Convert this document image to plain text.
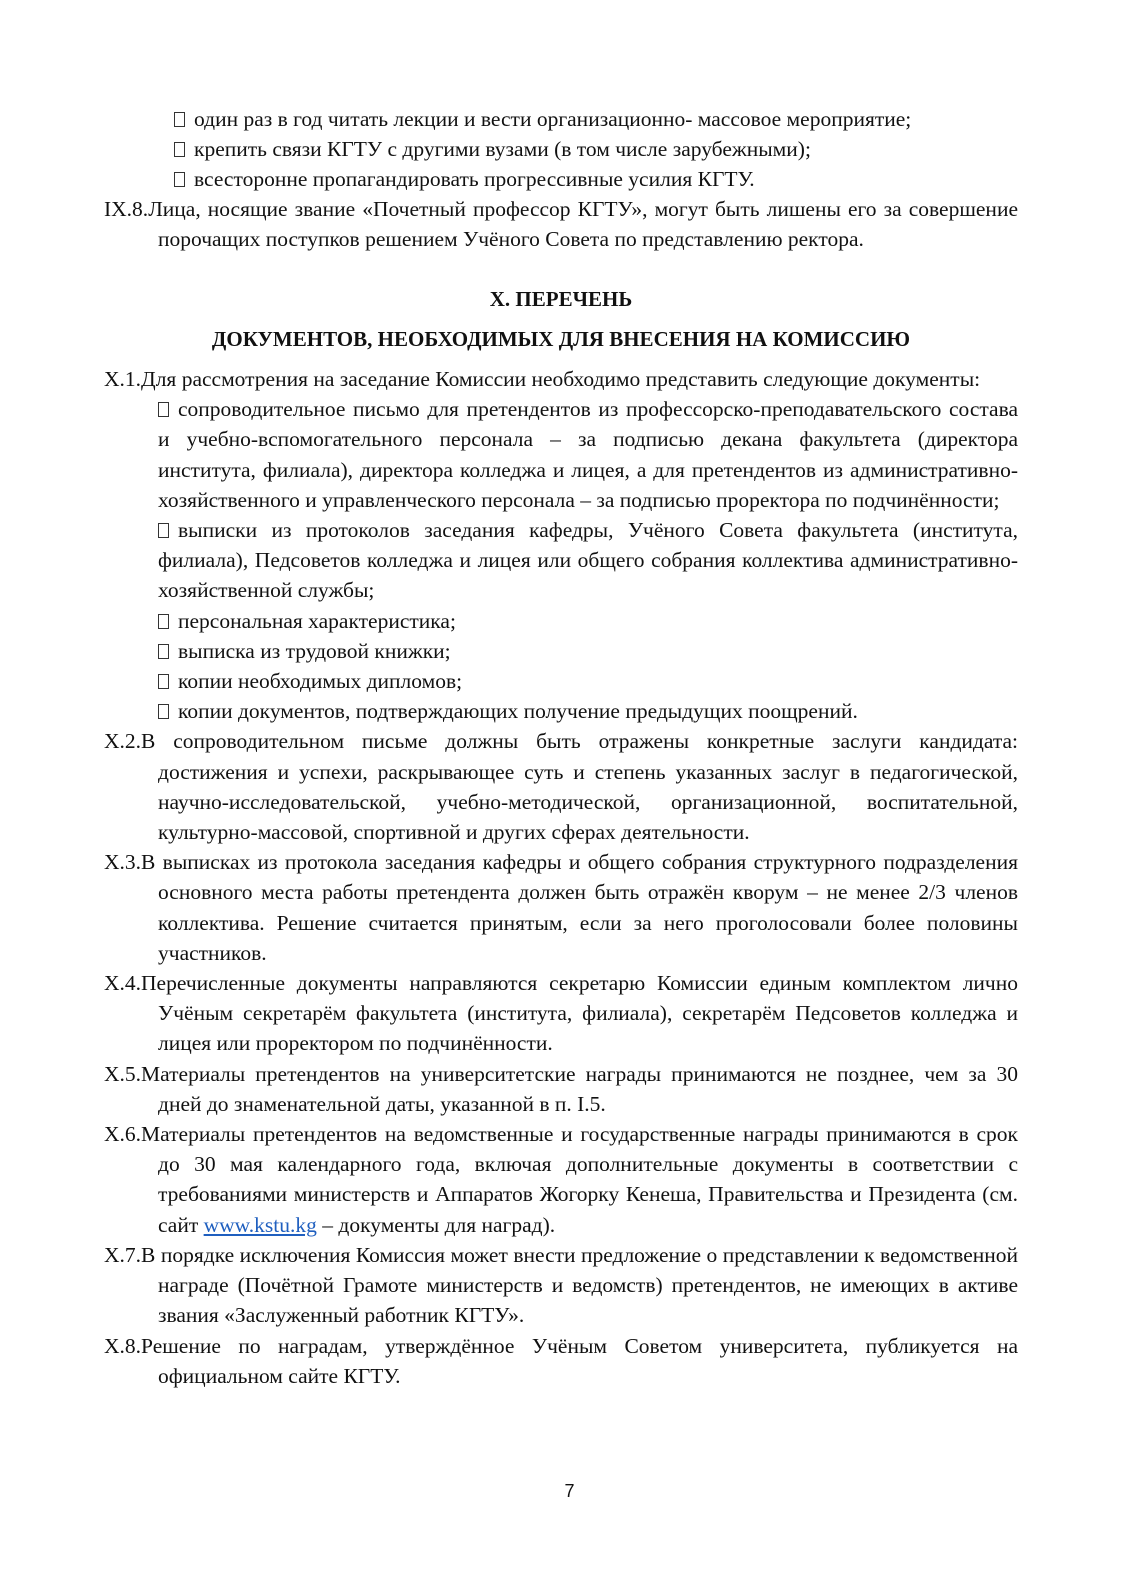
один раз в год читать лекции и вести организационно- массовое мероприятие;
крепить связи КГТУ с другими вузами (в том числе зарубежными);
всесторонне пропагандировать прогрессивные усилия КГТУ.
IX.8.Лица, носящие звание «Почетный профессор КГТУ», могут быть лишены его за совершение порочащих поступков решением Учёного Совета по представлению ректора.
X. ПЕРЕЧЕНЬ
ДОКУМЕНТОВ, НЕОБХОДИМЫХ ДЛЯ ВНЕСЕНИЯ НА КОМИССИЮ
X.1.Для рассмотрения на заседание Комиссии необходимо представить следующие документы:
сопроводительное письмо для претендентов из профессорско-преподавательского состава и учебно-вспомогательного персонала – за подписью декана факультета (директора института, филиала), директора колледжа и лицея, а для претендентов из административно-хозяйственного и управленческого персонала – за подписью проректора по подчинённости;
выписки из протоколов заседания кафедры, Учёного Совета факультета (института, филиала), Педсоветов колледжа и лицея или общего собрания коллектива административно-хозяйственной службы;
персональная характеристика;
выписка из трудовой книжки;
копии необходимых дипломов;
копии документов, подтверждающих получение предыдущих поощрений.
X.2.В сопроводительном письме должны быть отражены конкретные заслуги кандидата: достижения и успехи, раскрывающее суть и степень указанных заслуг в педагогической, научно-исследовательской, учебно-методической, организационной, воспитательной, культурно-массовой, спортивной и других сферах деятельности.
X.3.В выписках из протокола заседания кафедры и общего собрания структурного подразделения основного места работы претендента должен быть отражён кворум – не менее 2/3 членов коллектива. Решение считается принятым, если за него проголосовали более половины участников.
X.4.Перечисленные документы направляются секретарю Комиссии единым комплектом лично Учёным секретарём факультета (института, филиала), секретарём Педсоветов колледжа и лицея или проректором по подчинённости.
X.5.Материалы претендентов на университетские награды принимаются не позднее, чем за 30 дней до знаменательной даты, указанной в п. I.5.
X.6.Материалы претендентов на ведомственные и государственные награды принимаются в срок до 30 мая календарного года, включая дополнительные документы в соответствии с требованиями министерств и Аппаратов Жогорку Кенеша, Правительства и Президента (см. сайт www.kstu.kg – документы для наград).
X.7.В порядке исключения Комиссия может внести предложение о представлении к ведомственной награде (Почётной Грамоте министерств и ведомств) претендентов, не имеющих в активе звания «Заслуженный работник КГТУ».
X.8.Решение по наградам, утверждённое Учёным Советом университета, публикуется на официальном сайте КГТУ.
7
